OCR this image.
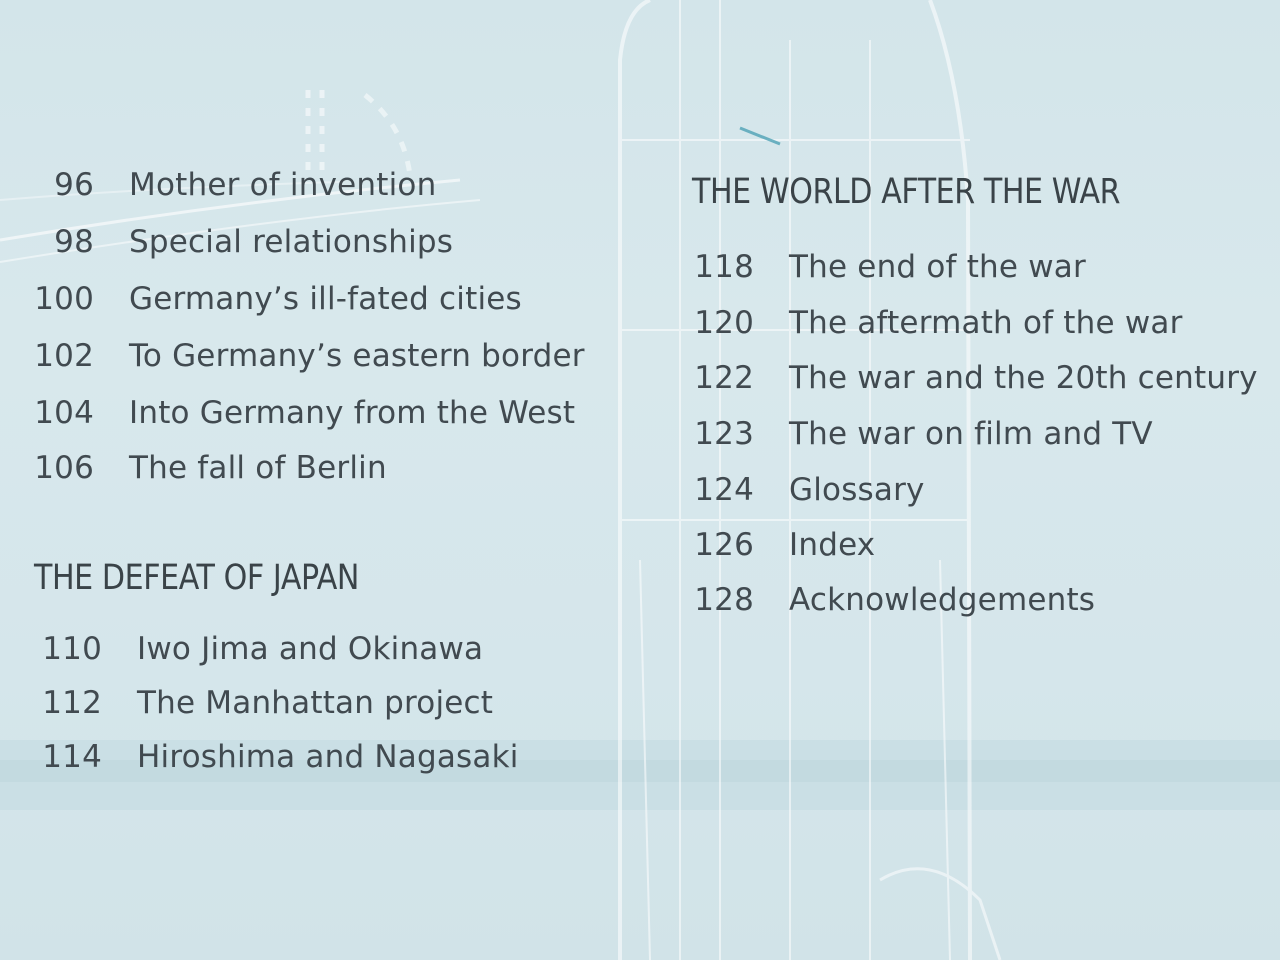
96 Mother of invention
98 Special relationships
100 Germany’s ill-fated cities
102 To Germany’s eastern border
104 Into Germany from the West
106 The fall of Berlin
THE DEFEAT OF JAPAN
110 Iwo Jima and Okinawa
112 The Manhattan project
114 Hiroshima and Nagasaki
THE WORLD AFTER THE WAR
118 The end of the war
120 The aftermath of the war
122 The war and the 20th century
123 The war on film and TV
124 Glossary
126 Index
128 Acknowledgements
